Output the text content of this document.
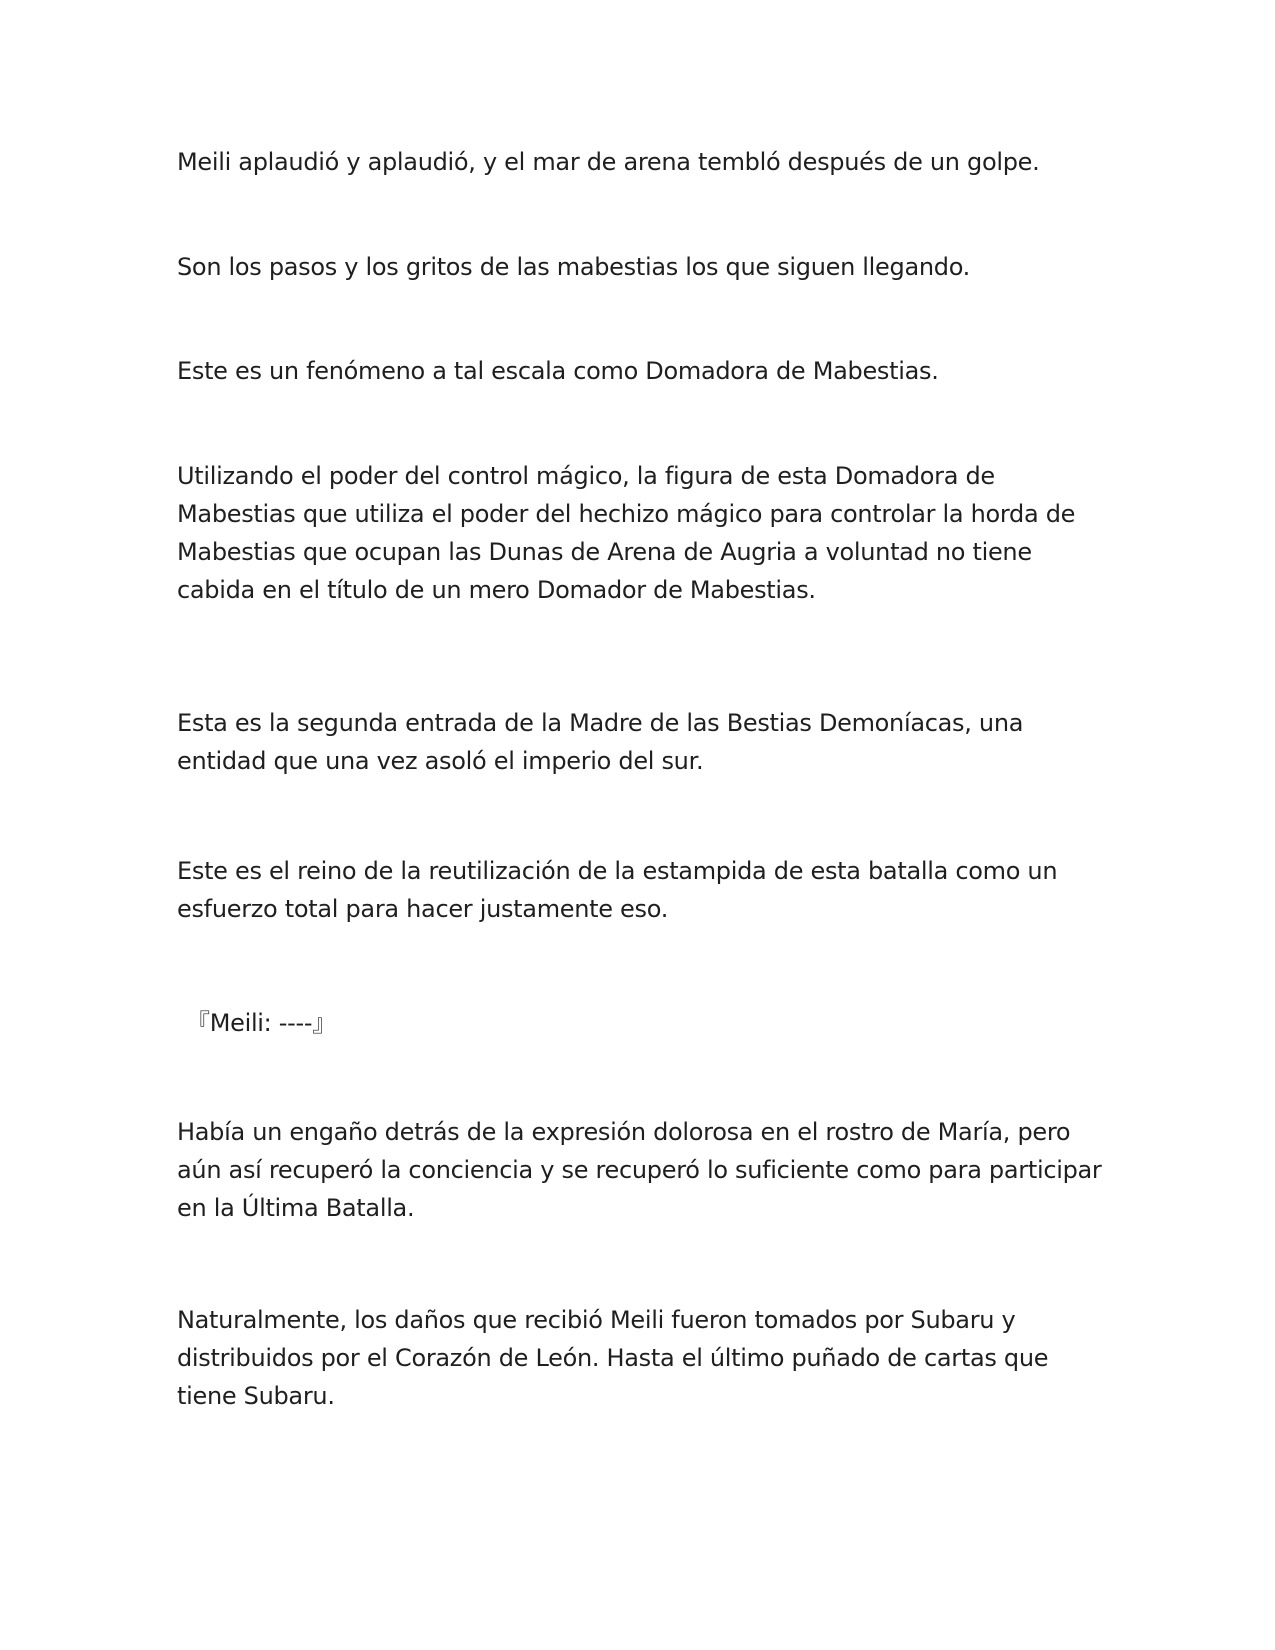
Meili aplaudió y aplaudió, y el mar de arena tembló después de un golpe.

Son los pasos y los gritos de las mabestias los que siguen llegando.

Este es un fenómeno a tal escala como Domadora de Mabestias.

Utilizando el poder del control mágico, la figura de esta Domadora de Mabestias que utiliza el poder del hechizo mágico para controlar la horda de Mabestias que ocupan las Dunas de Arena de Augria a voluntad no tiene cabida en el título de un mero Domador de Mabestias.

Esta es la segunda entrada de la Madre de las Bestias Demoníacas, una entidad que una vez asoló el imperio del sur.

Este es el reino de la reutilización de la estampida de esta batalla como un esfuerzo total para hacer justamente eso.

『Meili: ----』

Había un engaño detrás de la expresión dolorosa en el rostro de María, pero aún así recuperó la conciencia y se recuperó lo suficiente como para participar en la Última Batalla.

Naturalmente, los daños que recibió Meili fueron tomados por Subaru y distribuidos por el Corazón de León. Hasta el último puñado de cartas que tiene Subaru.
